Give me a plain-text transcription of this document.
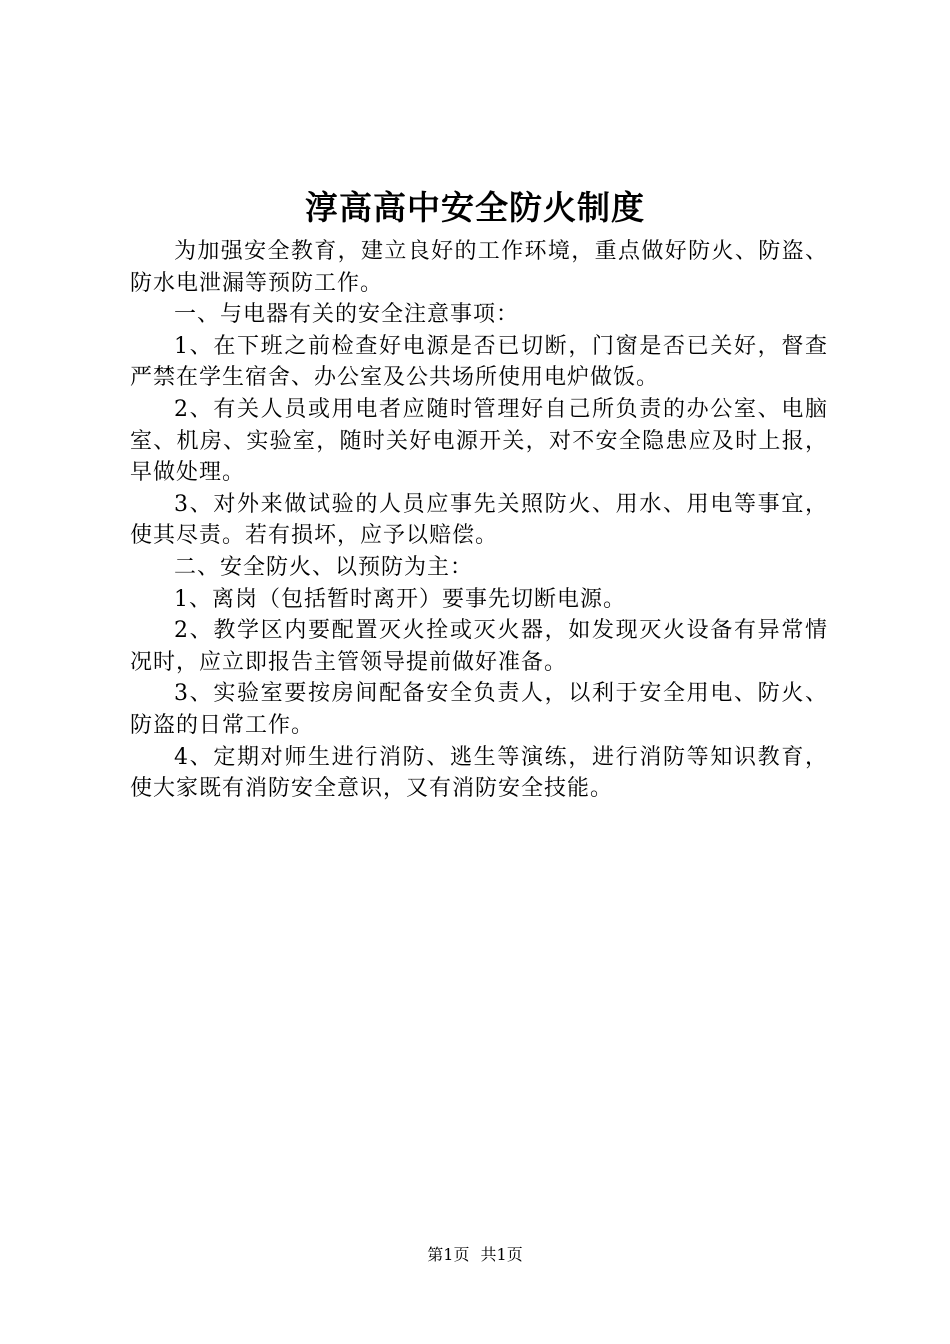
淳高高中安全防火制度

为加强安全教育，建立良好的工作环境，重点做好防火、防盗、防水电泄漏等预防工作。

一、与电器有关的安全注意事项：

1、在下班之前检查好电源是否已切断，门窗是否已关好，督查严禁在学生宿舍、办公室及公共场所使用电炉做饭。

2、有关人员或用电者应随时管理好自己所负责的办公室、电脑室、机房、实验室，随时关好电源开关，对不安全隐患应及时上报，早做处理。

3、对外来做试验的人员应事先关照防火、用水、用电等事宜，使其尽责。若有损坏，应予以赔偿。

二、安全防火、以预防为主：

1、离岗（包括暂时离开）要事先切断电源。

2、教学区内要配置灭火拴或灭火器，如发现灭火设备有异常情况时，应立即报告主管领导提前做好准备。

3、实验室要按房间配备安全负责人，以利于安全用电、防火、防盗的日常工作。

4、定期对师生进行消防、逃生等演练，进行消防等知识教育，使大家既有消防安全意识，又有消防安全技能。

第1页 共1页
